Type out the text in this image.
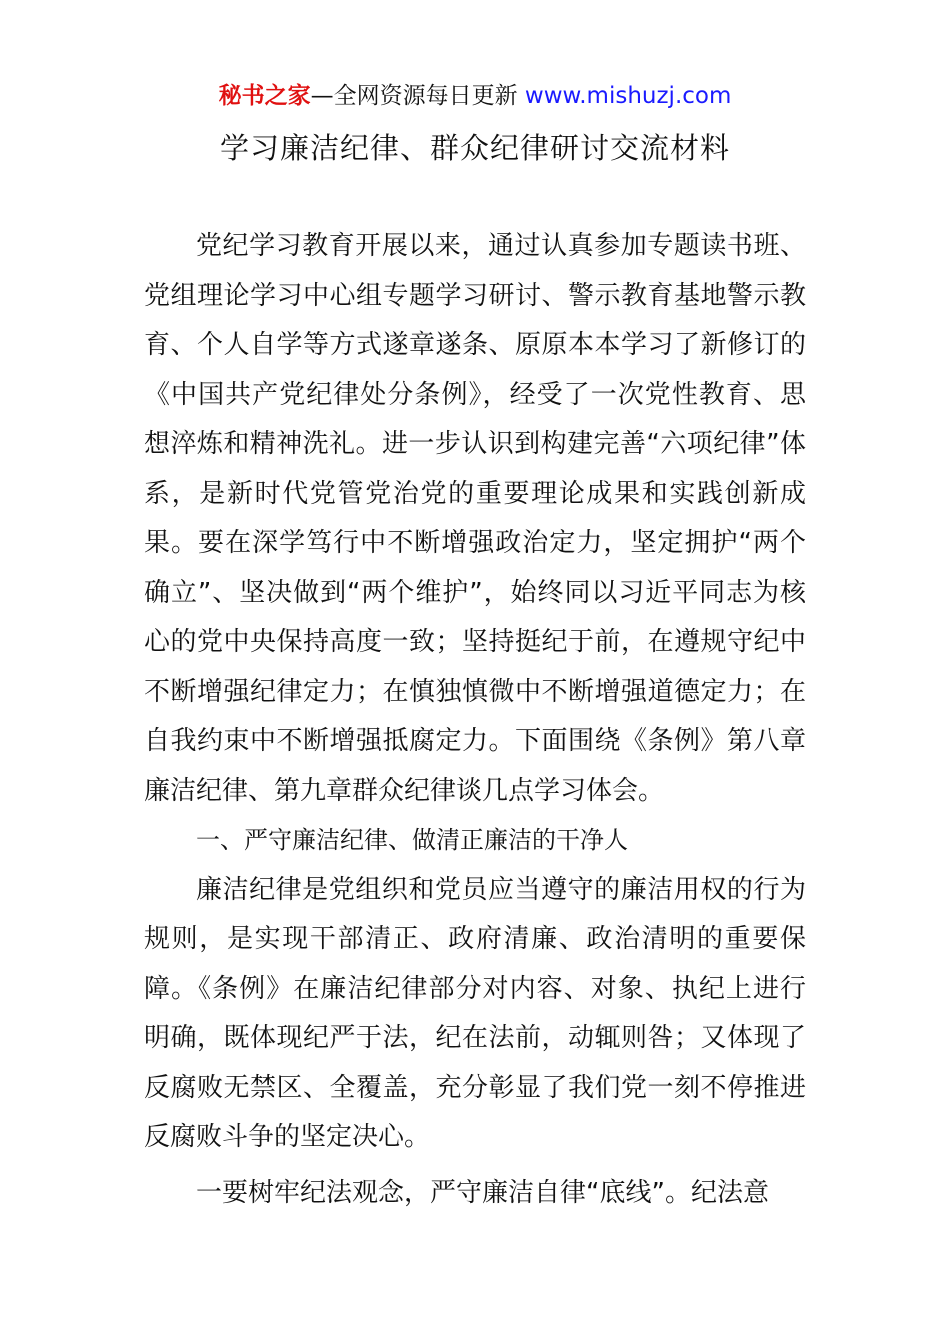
秘书之家—全网资源每日更新 www.mishuzj.com
学习廉洁纪律、群众纪律研讨交流材料

党纪学习教育开展以来，通过认真参加专题读书班、党组理论学习中心组专题学习研讨、警示教育基地警示教育、个人自学等方式遂章遂条、原原本本学习了新修订的《中国共产党纪律处分条例》，经受了一次党性教育、思想淬炼和精神洗礼。进一步认识到构建完善“六项纪律”体系，是新时代党管党治党的重要理论成果和实践创新成果。要在深学笃行中不断增强政治定力，坚定拥护“两个确立”、坚决做到“两个维护”，始终同以习近平同志为核心的党中央保持高度一致；坚持挺纪于前，在遵规守纪中不断增强纪律定力；在慎独慎微中不断增强道德定力；在自我约束中不断增强抵腐定力。下面围绕《条例》第八章廉洁纪律、第九章群众纪律谈几点学习体会。

一、严守廉洁纪律、做清正廉洁的干净人

廉洁纪律是党组织和党员应当遵守的廉洁用权的行为规则，是实现干部清正、政府清廉、政治清明的重要保障。《条例》在廉洁纪律部分对内容、对象、执纪上进行明确，既体现纪严于法，纪在法前，动辄则咎；又体现了反腐败无禁区、全覆盖，充分彰显了我们党一刻不停推进反腐败斗争的坚定决心。

一要树牢纪法观念，严守廉洁自律“底线”。纪法意
